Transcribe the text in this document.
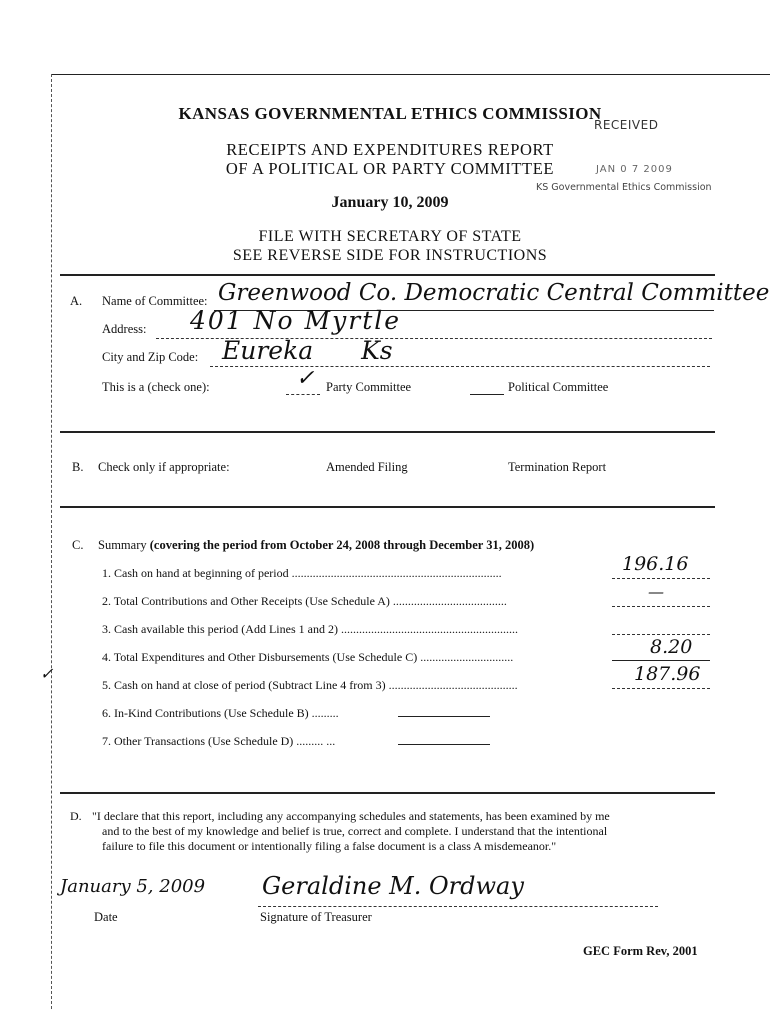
KANSAS GOVERNMENTAL ETHICS COMMISSION
RECEIPTS AND EXPENDITURES REPORT
OF A POLITICAL OR PARTY COMMITTEE
January 10, 2009
FILE WITH SECRETARY OF STATE
SEE REVERSE SIDE FOR INSTRUCTIONS
RECEIVED
JAN 0 7 2009
KS Governmental Ethics Commission
A. Name of Committee: Greenwood Co. Democratic Central Committee
Address: 401 No Myrtle
City and Zip Code: Eureka Ks
This is a (check one):	✓ Party Committee	Political Committee
B. Check only if appropriate:	Amended Filing	Termination Report
C. Summary (covering the period from October 24, 2008 through December 31, 2008)
1. Cash on hand at beginning of period ......................................................................	196.16
2. Total Contributions and Other Receipts (Use Schedule A) ......................................	—
3. Cash available this period (Add Lines 1 and 2) ...........................................................
4. Total Expenditures and Other Disbursements (Use Schedule C) ...............................	8.20
5. Cash on hand at close of period (Subtract Line 4 from 3) ...........................................	187.96
✓
6. In-Kind Contributions (Use Schedule B) .........
7. Other Transactions (Use Schedule D) ......... ...
D. "I declare that this report, including any accompanying schedules and statements, has been examined by me
and to the best of my knowledge and belief is true, correct and complete. I understand that the intentional
failure to file this document or intentionally filing a false document is a class A misdemeanor."
January 5, 2009
Date
Geraldine M. Ordway
Signature of Treasurer
GEC Form Rev, 2001
